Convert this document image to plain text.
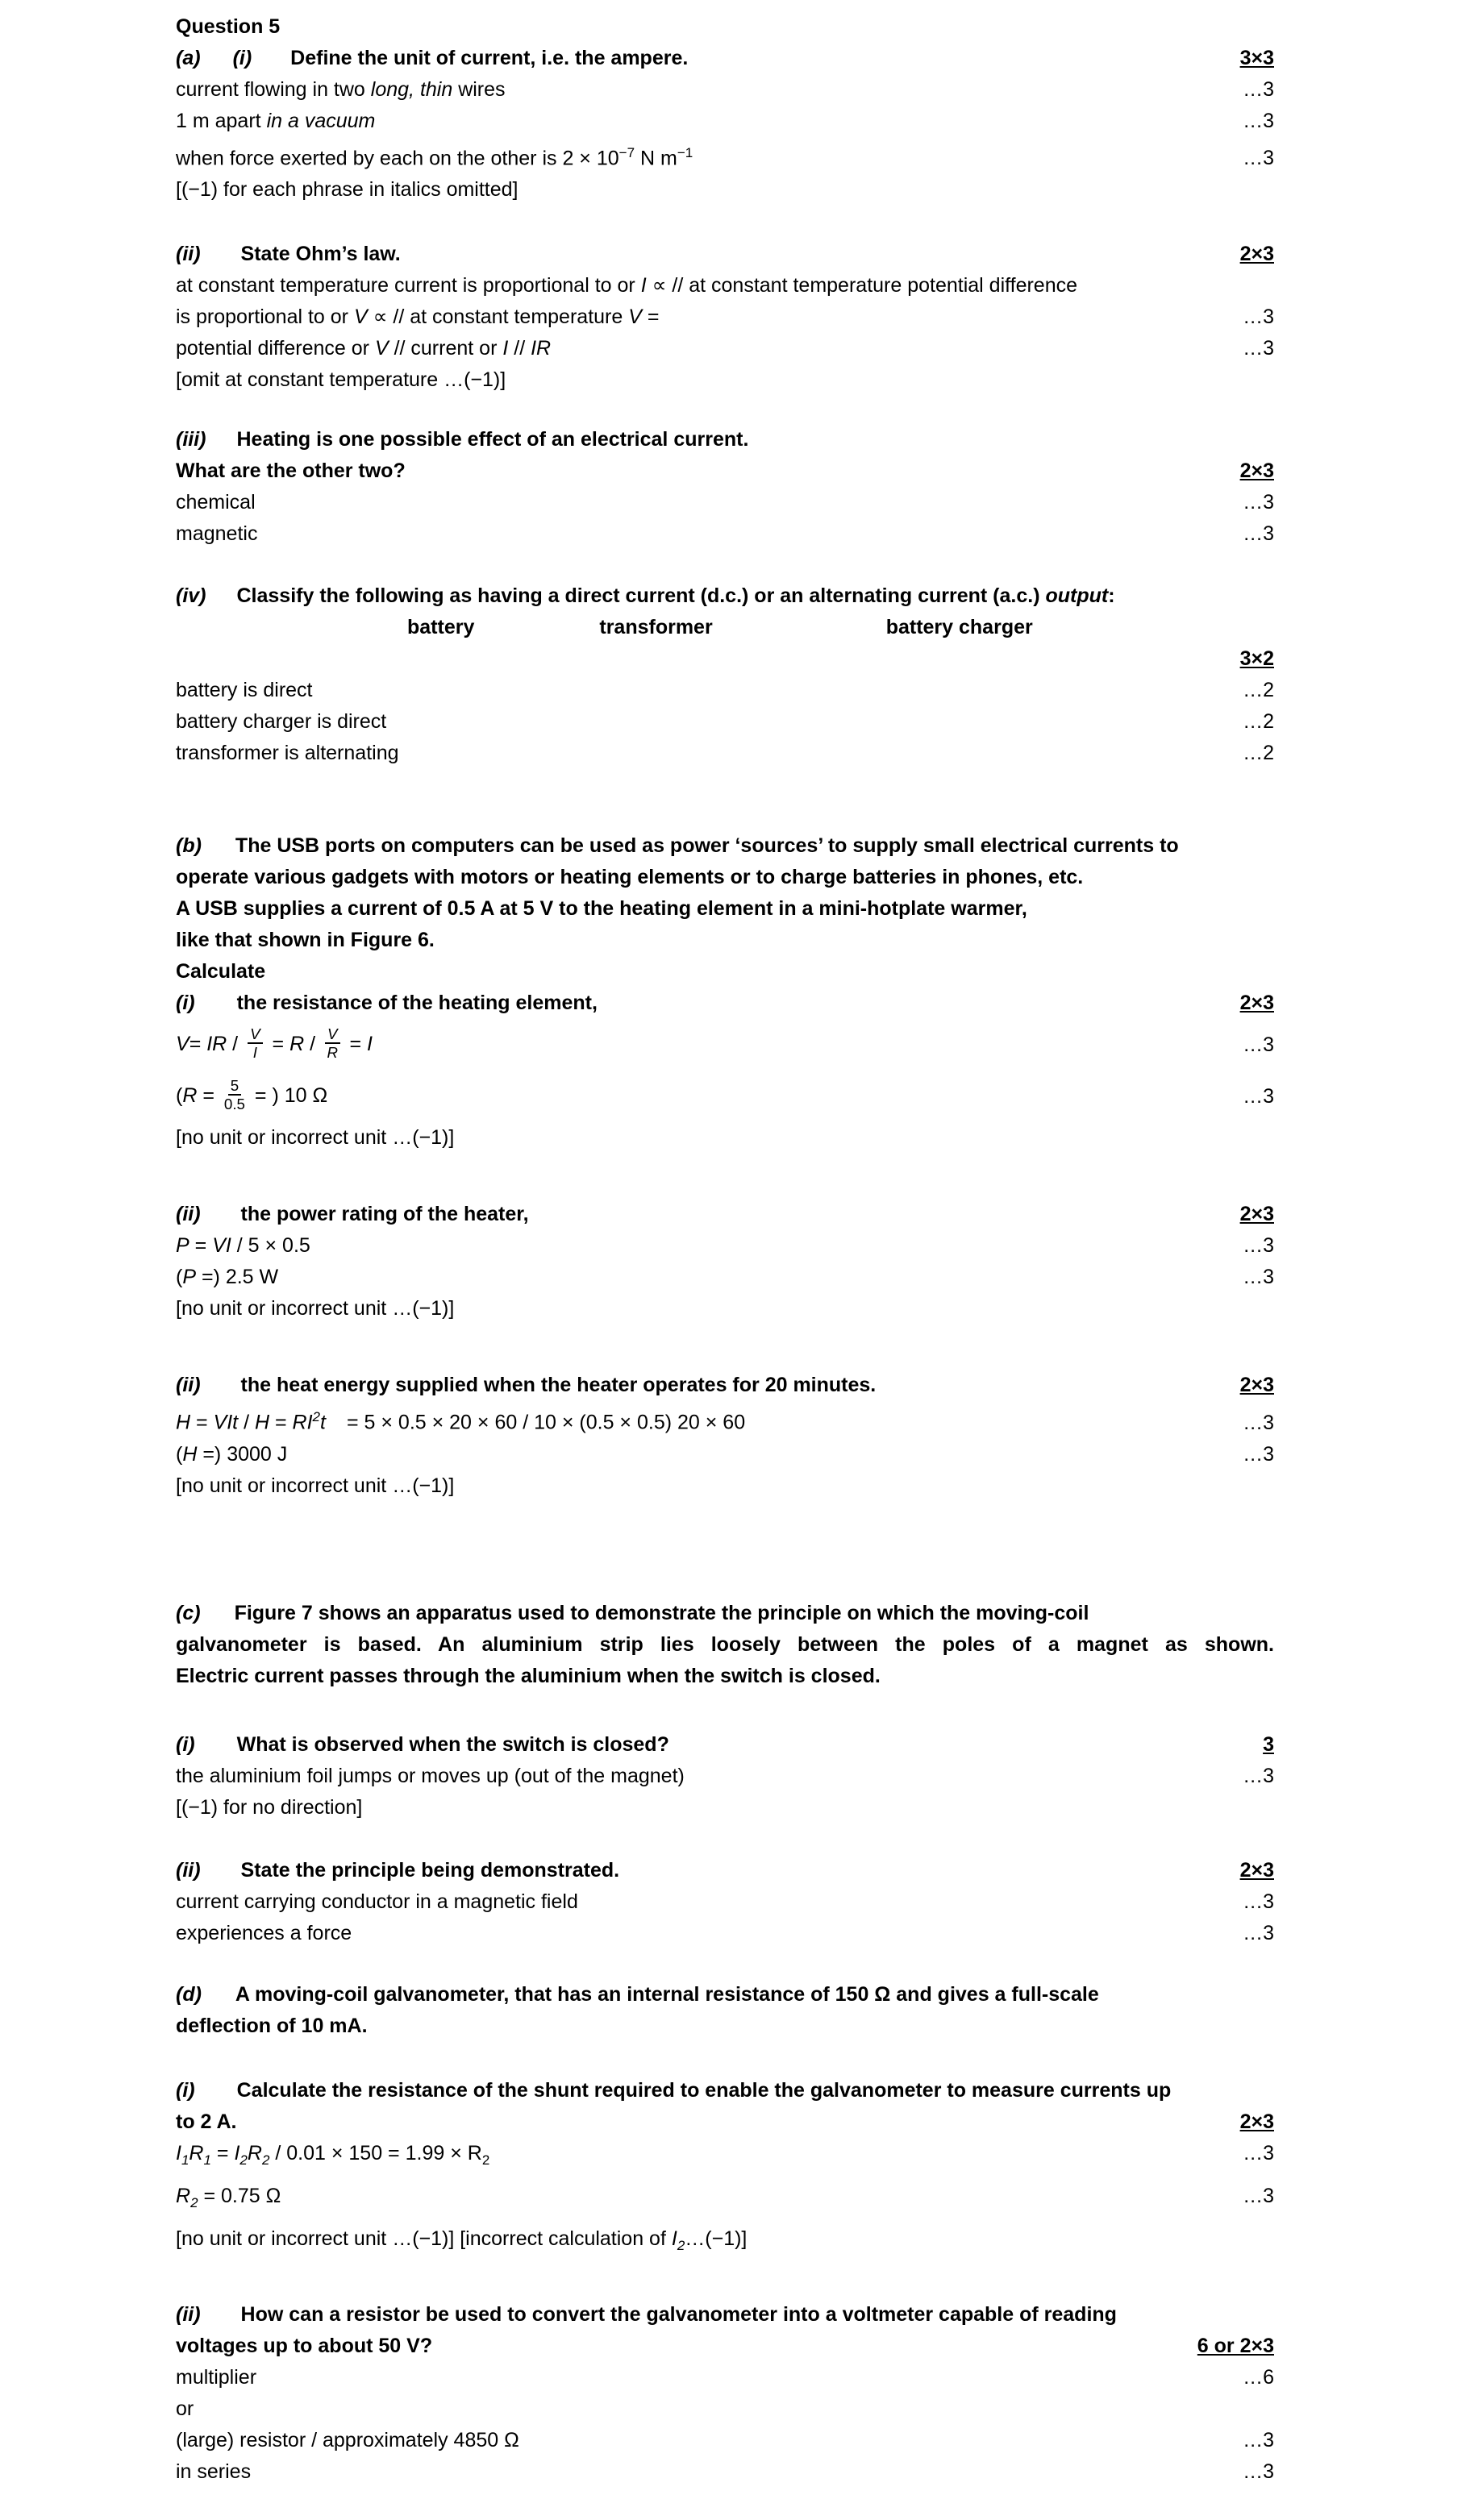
Question 5
(a) (i) Define the unit of current, i.e. the ampere.	3×3
current flowing in two long, thin wires	…3
1 m apart in a vacuum	…3
when force exerted by each on the other is $2 \times 10^{-7}$ N $m^{-1}$	…3
[(−1) for each phrase in italics omitted]
(ii) State Ohm’s law.	2×3
at constant temperature current is proportional to or I ∝ // at constant temperature potential difference
is proportional to or V ∝ // at constant temperature V =	…3
potential difference or V // current or I // IR	…3
[omit at constant temperature …(−1)]
(iii) Heating is one possible effect of an electrical current.
What are the other two?	2×3
chemical	…3
magnetic	…3
(iv) Classify the following as having a direct current (d.c.) or an alternating current (a.c.) output:
battery	transformer	battery charger
3×2
battery is direct	…2
battery charger is direct	…2
transformer is alternating	…2
(b) The USB ports on computers can be used as power ‘sources’ to supply small electrical currents to
operate various gadgets with motors or heating elements or to charge batteries in phones, etc.
A USB supplies a current of 0.5 A at 5 V to the heating element in a mini-hotplate warmer,
like that shown in Figure 6.
Calculate
(i) the resistance of the heating element,	2×3
V= IR / $\frac{V}{I} = R / \frac{V}{R} = I$	…3
($R = \frac{5}{0.5}$ = ) 10 Ω	…3
[no unit or incorrect unit …(−1)]
(ii) the power rating of the heater,	2×3
P = VI / 5 × 0.5	…3
(P =) 2.5 W	…3
[no unit or incorrect unit …(−1)]
(ii) the heat energy supplied when the heater operates for 20 minutes.	2×3
H = VIt / $H = RI^2t = 5 \times 0.5 \times 20 \times 60 / 10 \times (0.5 \times 0.5) 20 \times 60$	…3
(H =) 3000 J	…3
[no unit or incorrect unit …(−1)]
(c) Figure 7 shows an apparatus used to demonstrate the principle on which the moving-coil
galvanometer is based. An aluminium strip lies loosely between the poles of a magnet as shown.
Electric current passes through the aluminium when the switch is closed.
(i) What is observed when the switch is closed?	3
the aluminium foil jumps or moves up (out of the magnet)	…3
[(−1) for no direction]
(ii) State the principle being demonstrated.	2×3
current carrying conductor in a magnetic field	…3
experiences a force	…3
(d) A moving-coil galvanometer, that has an internal resistance of 150 Ω and gives a full-scale
deflection of 10 mA.
(i) Calculate the resistance of the shunt required to enable the galvanometer to measure currents up
to 2 A.	2×3
$I_1R_1 = I_2R_2 / 0.01 \times 150 = 1.99 \times R_2$	…3
$R_2 = 0.75$ Ω	…3
[no unit or incorrect unit …(−1)] [incorrect calculation of $I_2\dots(-1)$]
(ii) How can a resistor be used to convert the galvanometer into a voltmeter capable of reading
voltages up to about 50 V?	6 or 2×3
multiplier	…6
or
(large) resistor / approximately 4850 Ω	…3
in series	…3
